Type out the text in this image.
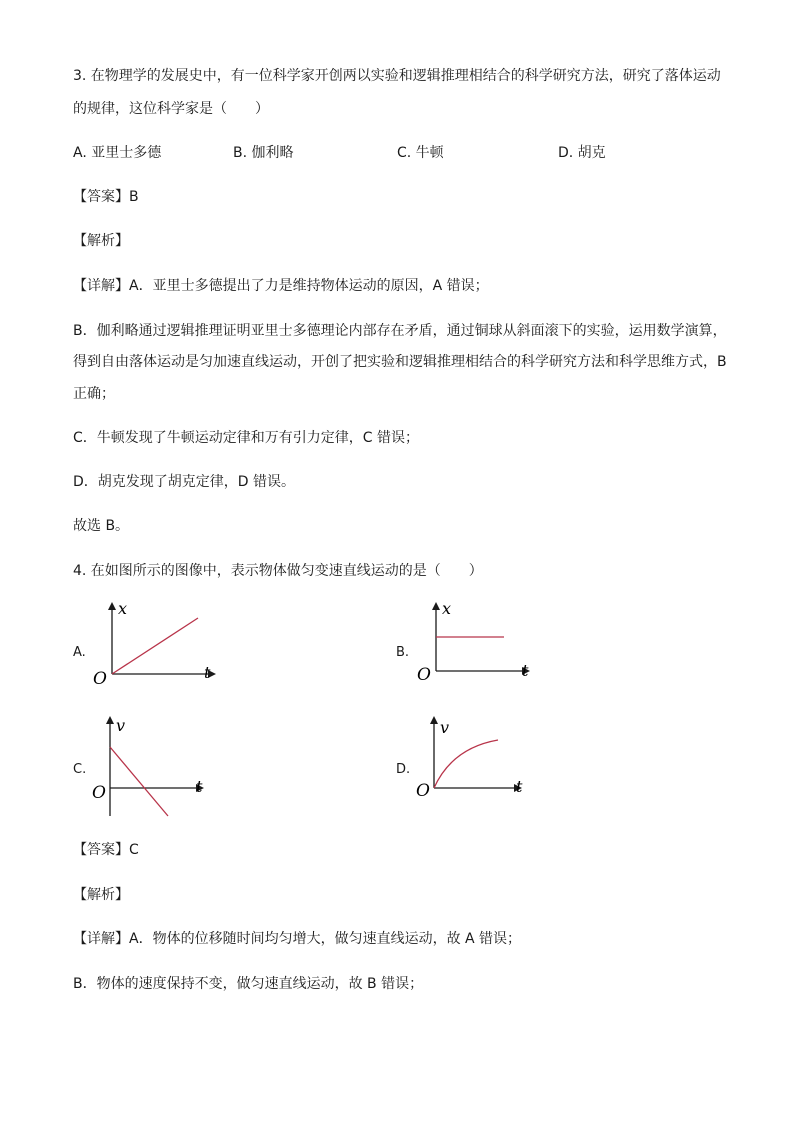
3. 在物理学的发展史中，有一位科学家开创两以实验和逻辑推理相结合的科学研究方法，研究了落体运动
的规律，这位科学家是（　　）
A. 亚里士多德	B. 伽利略	C. 牛顿	D. 胡克
【答案】B
【解析】
【详解】A．亚里士多德提出了力是维持物体运动的原因，A 错误；
B．伽利略通过逻辑推理证明亚里士多德理论内部存在矛盾，通过铜球从斜面滚下的实验，运用数学演算，
得到自由落体运动是匀加速直线运动，开创了把实验和逻辑推理相结合的科学研究方法和科学思维方式，B
正确；
C．牛顿发现了牛顿运动定律和万有引力定律，C 错误；
D．胡克发现了胡克定律，D 错误。
故选 B。
4. 在如图所示的图像中，表示物体做匀变速直线运动的是（　　）
A.
x
t
O
B.
x
t
O
C.
v
t
O
D.
v
t
O
【答案】C
【解析】
【详解】A．物体的位移随时间均匀增大，做匀速直线运动，故 A 错误；
B．物体的速度保持不变，做匀速直线运动，故 B 错误；
